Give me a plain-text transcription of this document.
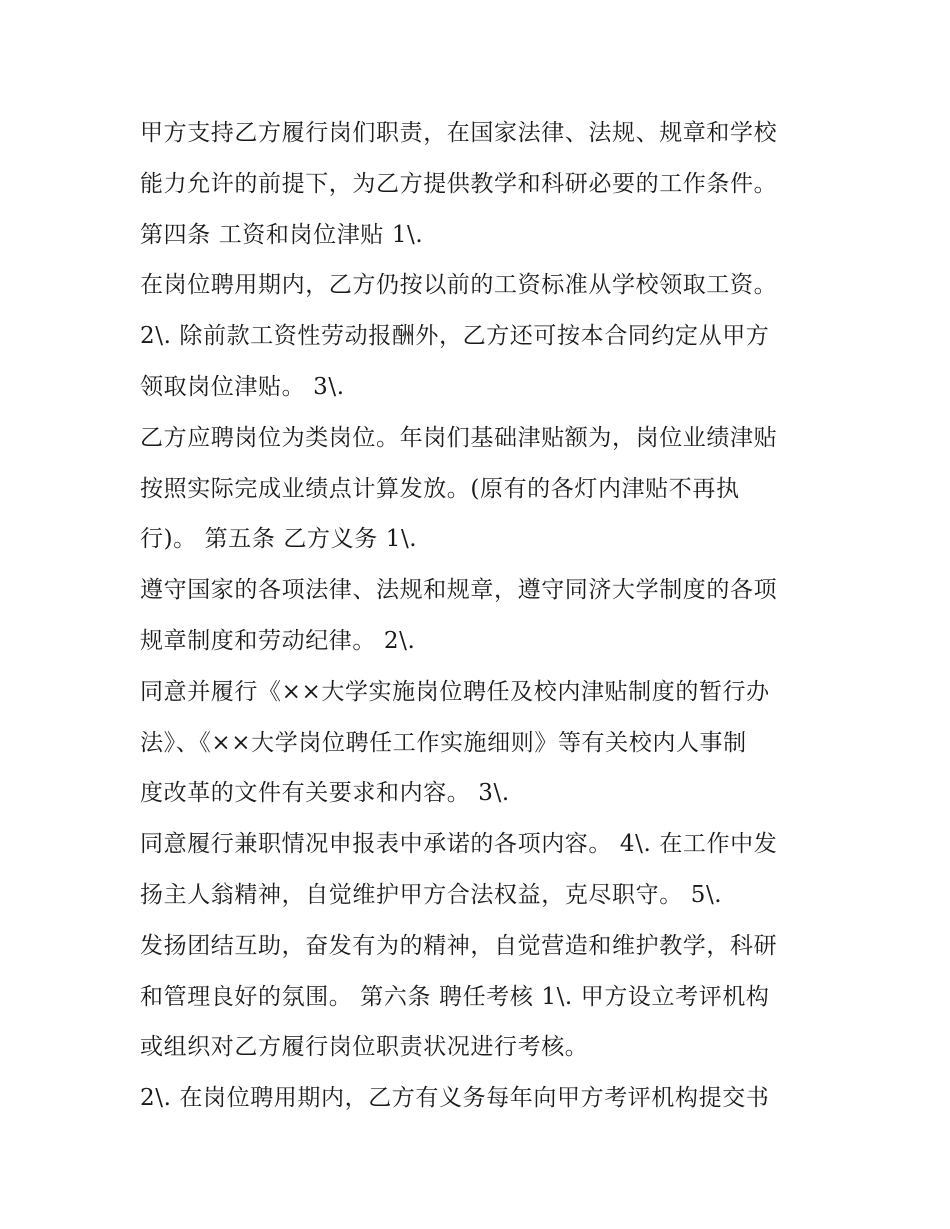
甲方支持乙方履行岗们职责，在国家法律、法规、规章和学校
能力允许的前提下，为乙方提供教学和科研必要的工作条件。
第四条 工资和岗位津贴 1\.
在岗位聘用期内，乙方仍按以前的工资标准从学校领取工资。
2\. 除前款工资性劳动报酬外，乙方还可按本合同约定从甲方
领取岗位津贴。 3\.
乙方应聘岗位为类岗位。年岗们基础津贴额为，岗位业绩津贴
按照实际完成业绩点计算发放。(原有的各灯内津贴不再执
行)。 第五条 乙方义务 1\.
遵守国家的各项法律、法规和规章，遵守同济大学制度的各项
规章制度和劳动纪律。 2\.
同意并履行《××大学实施岗位聘任及校内津贴制度的暂行办
法》、《××大学岗位聘任工作实施细则》等有关校内人事制
度改革的文件有关要求和内容。 3\.
同意履行兼职情况申报表中承诺的各项内容。 4\. 在工作中发
扬主人翁精神，自觉维护甲方合法权益，克尽职守。 5\.
发扬团结互助，奋发有为的精神，自觉营造和维护教学，科研
和管理良好的氛围。 第六条 聘任考核 1\. 甲方设立考评机构
或组织对乙方履行岗位职责状况进行考核。
2\. 在岗位聘用期内，乙方有义务每年向甲方考评机构提交书
